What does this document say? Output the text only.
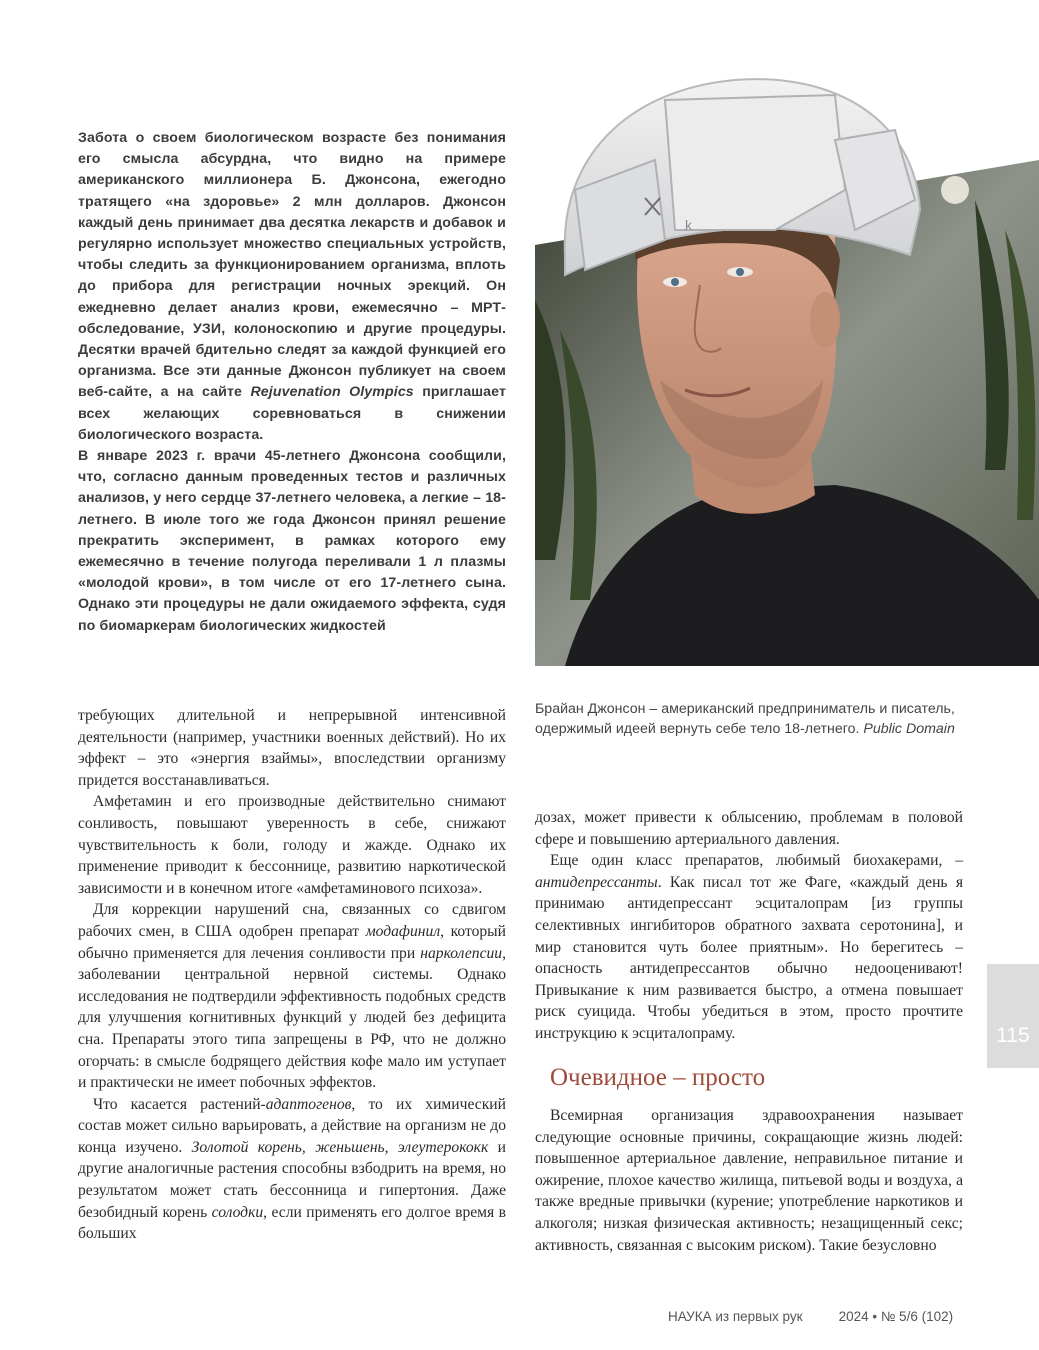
Забота о своем биологическом возрасте без понимания его смысла абсурдна, что видно на примере американского миллионера Б. Джонсона, ежегодно тратящего «на здоровье» 2 млн долларов. Джонсон каждый день принимает два десятка лекарств и добавок и регулярно использует множество специальных устройств, чтобы следить за функционированием организма, вплоть до прибора для регистрации ночных эрекций. Он ежедневно делает анализ крови, ежемесячно – МРТ-обследование, УЗИ, колоноскопию и другие процедуры. Десятки врачей бдительно следят за каждой функцией его организма. Все эти данные Джонсон публикует на своем веб-сайте, а на сайте Rejuvenation Olympics приглашает всех желающих соревноваться в снижении биологического возраста.

В январе 2023 г. врачи 45-летнего Джонсона сообщили, что, согласно данным проведенных тестов и различных анализов, у него сердце 37-летнего человека, а легкие – 18-летнего. В июле того же года Джонсон принял решение прекратить эксперимент, в рамках которого ему ежемесячно в течение полугода переливали 1 л плазмы «молодой крови», в том числе от его 17-летнего сына. Однако эти процедуры не дали ожидаемого эффекта, судя по биомаркерам биологических жидкостей

k
Брайан Джонсон – американский предприниматель и писатель, одержимый идеей вернуть себе тело 18-летнего. Public Domain

требующих длительной и непрерывной интенсивной деятельности (например, участники военных действий). Но их эффект – это «энергия взаймы», впоследствии организму придется восстанавливаться.

Амфетамин и его производные действительно снимают сонливость, повышают уверенность в себе, снижают чувствительность к боли, голоду и жажде. Однако их применение приводит к бессоннице, развитию наркотической зависимости и в конечном итоге «амфетаминового психоза».

Для коррекции нарушений сна, связанных со сдвигом рабочих смен, в США одобрен препарат модафинил, который обычно применяется для лечения сонливости при нарколепсии, заболевании центральной нервной системы. Однако исследования не подтвердили эффективность подобных средств для улучшения когнитивных функций у людей без дефицита сна. Препараты этого типа запрещены в РФ, что не должно огорчать: в смысле бодрящего действия кофе мало им уступает и практически не имеет побочных эффектов.

Что касается растений-адаптогенов, то их химический состав может сильно варьировать, а действие на организм не до конца изучено. Золотой корень, женьшень, элеутерококк и другие аналогичные растения способны взбодрить на время, но результатом может стать бессонница и гипертония. Даже безобидный корень солодки, если применять его долгое время в больших

дозах, может привести к облысению, проблемам в половой сфере и повышению артериального давления.

Еще один класс препаратов, любимый биохакерами, – антидепрессанты. Как писал тот же Фаге, «каждый день я принимаю антидепрессант эсциталопрам [из группы селективных ингибиторов обратного захвата серотонина], и мир становится чуть более приятным». Но берегитесь – опасность антидепрессантов обычно недооценивают! Привыкание к ним развивается быстро, а отмена повышает риск суицида. Чтобы убедиться в этом, просто прочтите инструкцию к эсциталопраму.

Очевидное – просто

Всемирная организация здравоохранения называет следующие основные причины, сокращающие жизнь людей: повышенное артериальное давление, неправильное питание и ожирение, плохое качество жилища, питьевой воды и воздуха, а также вредные привычки (курение; употребление наркотиков и алкоголя; низкая физическая активность; незащищенный секс; активность, связанная с высоким риском). Такие безусловно

115
НАУКА из первых рук	2024 • № 5/6 (102)
